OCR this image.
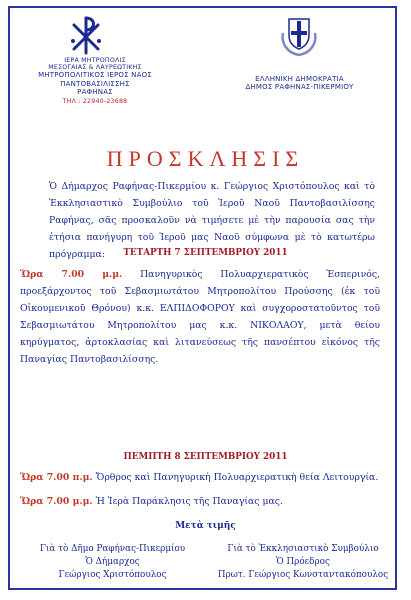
ΙΕΡΑ ΜΗΤΡΟΠΟΛΙΣ
ΜΕΣΟΓΑΙΑΣ & ΛΑΥΡΕΩΤΙΚΗΣ
ΜΗΤΡΟΠΟΛΙΤΙΚΟΣ ΙΕΡΟΣ ΝΑΟΣ
ΠΑΝΤΟΒΑΣΙΛΙΣΣΗΣ
ΡΑΦΗΝΑΣ
ΤΗΛ.: 22940-23688
ΕΛΛΗΝΙΚΗ ΔΗΜΟΚΡΑΤΙΑ
ΔΗΜΟΣ ΡΑΦΗΝΑΣ-ΠΙΚΕΡΜΙΟΥ
ΠΡΟΣΚΛΗΣΙΣ

Ὁ Δήμαρχος Ραφήνας-Πικερμίου κ. Γεώργιος Χριστόπουλος καὶ τὸ Ἐκκλησιαστικὸ Συμβούλιο τοῦ Ἱεροῦ Ναοῦ Παντοβασιλίσσης Ραφήνας, σᾶς προσκαλοῦν νὰ τιμήσετε μὲ τὴν παρουσία σας τὴν ἐτήσια πανήγυρη τοῦ Ἱεροῦ μας Ναοῦ σύμφωνα μὲ τὸ κατωτέρω πρόγραμμα:	ΤΕΤΑΡΤΗ 7 ΣΕΠΤΕΜΒΡΙΟΥ 2011
Ὥρα 7.00 μ.μ. Πανηγυρικὸς Πολυαρχιερατικὸς Ἑσπερινός, προεξάρχοντος τοῦ Σεβασμιωτάτου Μητροπολίτου Προύσσης (ἐκ τοῦ Οἰκουμενικοῦ Θρόνου) κ.κ. ΕΛΠΙΔΟΦΟΡΟΥ καὶ συγχοροστατοῦντος τοῦ Σεβασμιωτάτου Μητροπολίτου μας κ.κ. ΝΙΚΟΛΑΟΥ, μετὰ θείου κηρύγματος, ἀρτοκλασίας καὶ λιτανεύσεως τῆς πανσέπτου εἰκόνος τῆς Παναγίας Παντοβασιλίσσης.
ΠΕΜΠΤΗ 8 ΣΕΠΤΕΜΒΡΙΟΥ 2011
Ὥρα 7.00 π.μ. Ὄρθρος καὶ Πανηγυρικὴ Πολυαρχιερατικὴ θεία Λειτουργία.
Ὥρα 7.00 μ.μ. Ἡ Ἱερὰ Παράκλησις τῆς Παναγίας μας.
Μετὰ τιμῆς
Γιὰ τὸ Δῆμο Ραφήνας-Πικερμίου
Ὁ Δήμαρχος
Γεώργιος Χριστόπουλος
Γιὰ τὸ Ἐκκλησιαστικὸ Συμβούλιο
Ὁ Πρόεδρος
Πρωτ. Γεώργιος Κωνσταντακόπουλος
